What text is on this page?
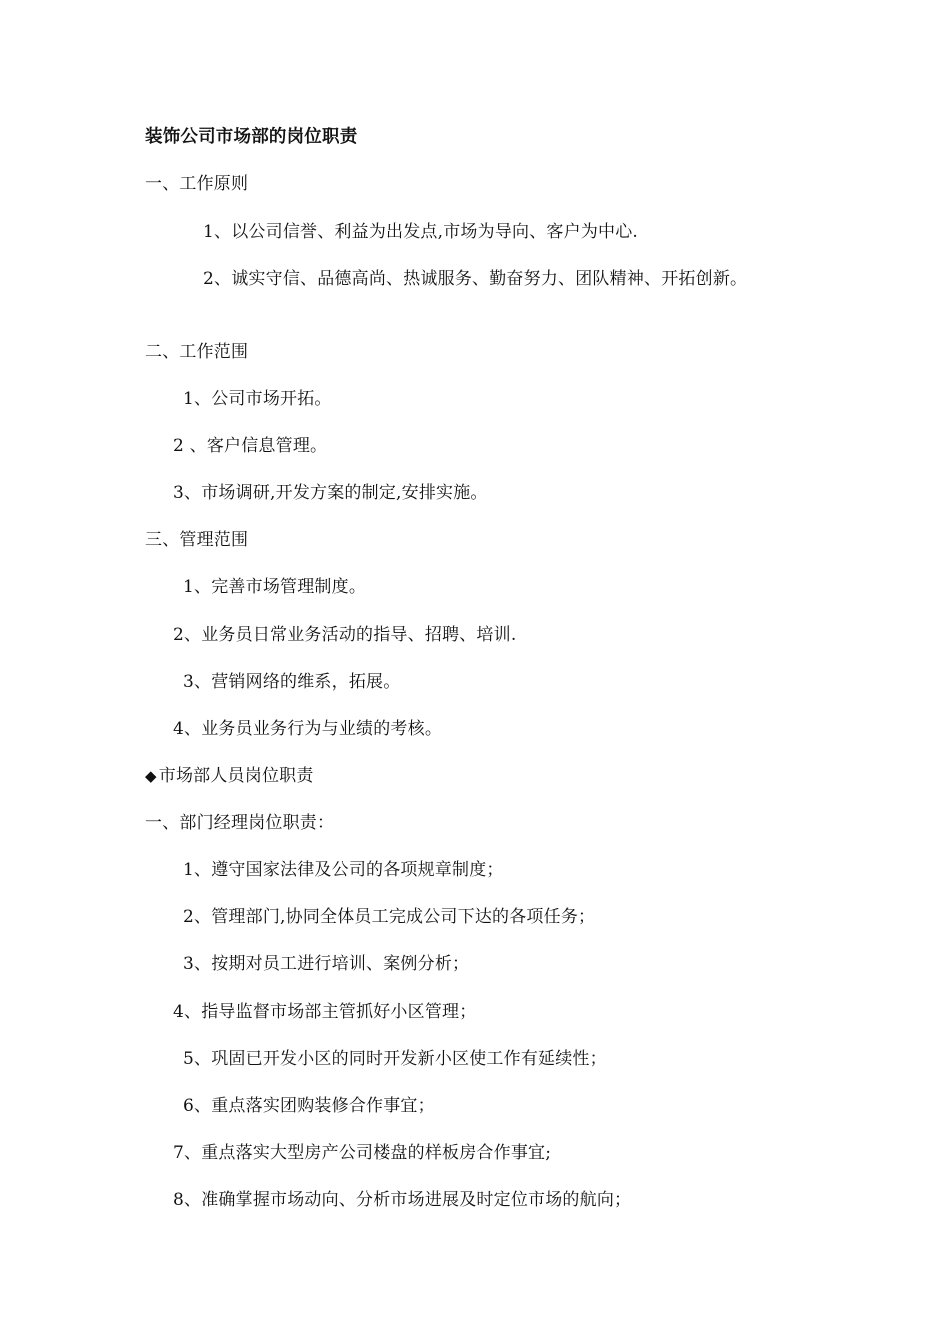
装饰公司市场部的岗位职责
一、工作原则
1、以公司信誉、利益为出发点,市场为导向、客户为中心.
2、诚实守信、品德高尚、热诚服务、勤奋努力、团队精神、开拓创新。
二、工作范围
1、公司市场开拓。
2 、客户信息管理。
3、市场调研,开发方案的制定,安排实施。
三、管理范围
1、完善市场管理制度。
2、业务员日常业务活动的指导、招聘、培训.
3、营销网络的维系，拓展。
4、业务员业务行为与业绩的考核。
◆ 市场部人员岗位职责
一、部门经理岗位职责：
1、遵守国家法律及公司的各项规章制度；
2、管理部门,协同全体员工完成公司下达的各项任务；
3、按期对员工进行培训、案例分析；
4、指导监督市场部主管抓好小区管理；
5、巩固已开发小区的同时开发新小区使工作有延续性；
6、重点落实团购装修合作事宜；
7、重点落实大型房产公司楼盘的样板房合作事宜;
8、准确掌握市场动向、分析市场进展及时定位市场的航向；
